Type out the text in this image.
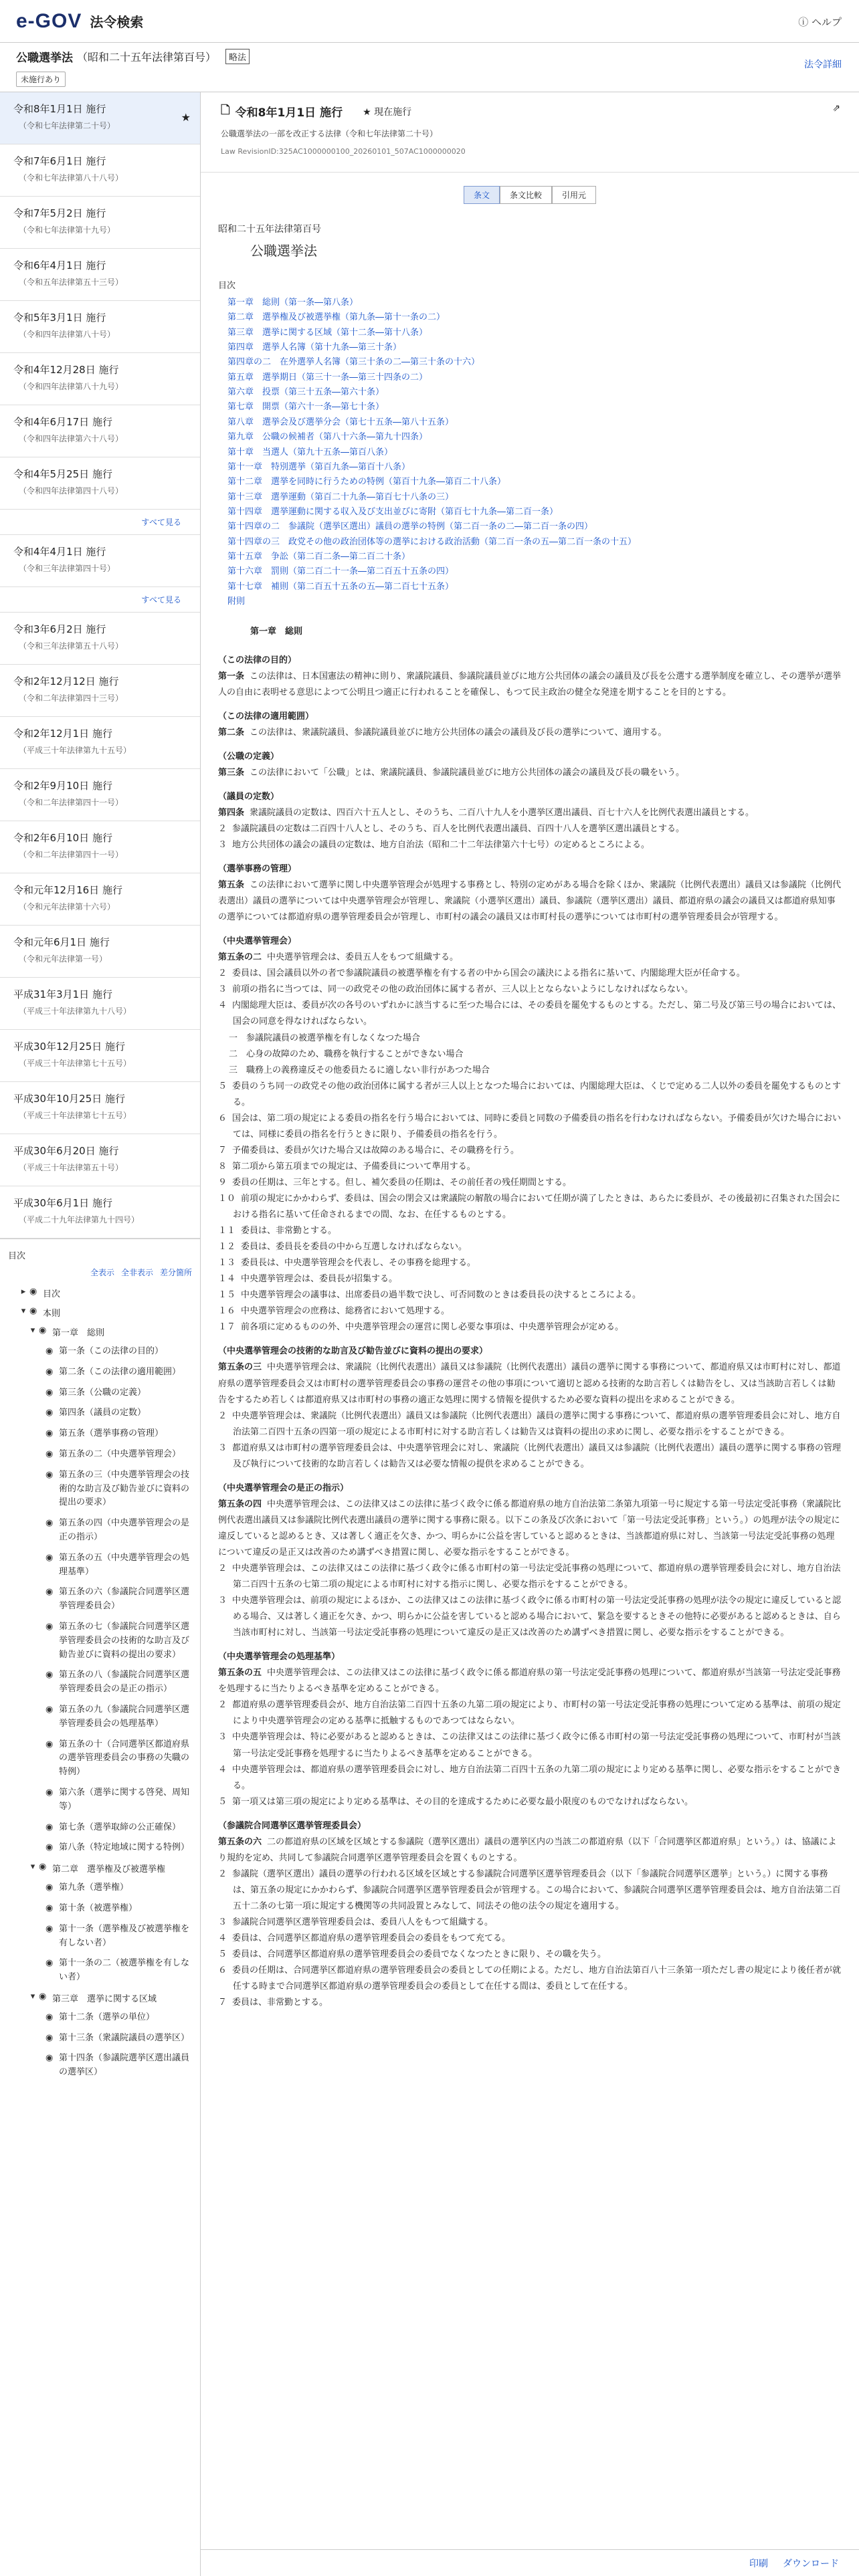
e-GOV 法令検索	ⓘ ヘルプ
公職選挙法 （昭和二十五年法律第百号）	略法
未施行あり
法令詳細
令和8年1月1日 施行
（令和七年法律第二十号）
★
令和7年6月1日 施行
（令和七年法律第八十八号）
令和7年5月2日 施行
（令和七年法律第十九号）
令和6年4月1日 施行
（令和五年法律第五十三号）
令和5年3月1日 施行
（令和四年法律第八十号）
令和4年12月28日 施行
（令和四年法律第八十九号）
令和4年6月17日 施行
（令和四年法律第六十八号）
令和4年5月25日 施行
（令和四年法律第四十八号）
すべて見る
令和4年4月1日 施行
（令和三年法律第四十号）
すべて見る
令和3年6月2日 施行
（令和三年法律第五十八号）
令和2年12月12日 施行
（令和二年法律第四十三号）
令和2年12月1日 施行
（平成三十年法律第九十五号）
令和2年9月10日 施行
（令和二年法律第四十一号）
令和2年6月10日 施行
（令和二年法律第四十一号）
令和元年12月16日 施行
（令和元年法律第十六号）
令和元年6月1日 施行
（令和元年法律第一号）
平成31年3月1日 施行
（平成三十年法律第九十八号）
平成30年12月25日 施行
（平成三十年法律第七十五号）
平成30年10月25日 施行
（平成三十年法律第七十五号）
平成30年6月20日 施行
（平成三十年法律第五十号）
平成30年6月1日 施行
（平成二十九年法律第九十四号）
目次
全表示 全非表示 差分箇所
▸ ◉ 目次
▾ ◉ 本則
▾ ◉ 第一章　総則
◉ 第一条（この法律の目的）
◉ 第二条（この法律の適用範囲）
◉ 第三条（公職の定義）
◉ 第四条（議員の定数）
◉ 第五条（選挙事務の管理）
◉ 第五条の二（中央選挙管理会）
◉ 第五条の三（中央選挙管理会の技術的な助言及び勧告並びに資料の提出の要求）
◉ 第五条の四（中央選挙管理会の是正の指示）
◉ 第五条の五（中央選挙管理会の処理基準）
◉ 第五条の六（参議院合同選挙区選挙管理委員会）
◉ 第五条の七（参議院合同選挙区選挙管理委員会の技術的な助言及び勧告並びに資料の提出の要求）
◉ 第五条の八（参議院合同選挙区選挙管理委員会の是正の指示）
◉ 第五条の九（参議院合同選挙区選挙管理委員会の処理基準）
◉ 第五条の十（合同選挙区都道府県の選挙管理委員会の事務の失職の特例）
◉ 第六条（選挙に関する啓発、周知等）
◉ 第七条（選挙取締の公正確保）
◉ 第八条（特定地域に関する特例）
▾ ◉ 第二章　選挙権及び被選挙権
◉ 第九条（選挙権）
◉ 第十条（被選挙権）
◉ 第十一条（選挙権及び被選挙権を有しない者）
◉ 第十一条の二（被選挙権を有しない者）
▾ ◉ 第三章　選挙に関する区域
◉ 第十二条（選挙の単位）
◉ 第十三条（衆議院議員の選挙区）
◉ 第十四条（参議院選挙区選出議員の選挙区）
🗋 令和8年1月1日 施行 ★ 現在施行
公職選挙法の一部を改正する法律（令和七年法律第二十号）
Law RevisionID:325AC1000000100_20260101_507AC1000000020
⇗
条文	条文比較	引用元
昭和二十五年法律第百号
公職選挙法
目次
第一章　総則（第一条―第八条）
第二章　選挙権及び被選挙権（第九条―第十一条の二）
第三章　選挙に関する区域（第十二条―第十八条）
第四章　選挙人名簿（第十九条―第三十条）
第四章の二　在外選挙人名簿（第三十条の二―第三十条の十六）
第五章　選挙期日（第三十一条―第三十四条の二）
第六章　投票（第三十五条―第六十条）
第七章　開票（第六十一条―第七十条）
第八章　選挙会及び選挙分会（第七十五条―第八十五条）
第九章　公職の候補者（第八十六条―第九十四条）
第十章　当選人（第九十五条―第百八条）
第十一章　特別選挙（第百九条―第百十八条）
第十二章　選挙を同時に行うための特例（第百十九条―第百二十八条）
第十三章　選挙運動（第百二十九条―第百七十八条の三）
第十四章　選挙運動に関する収入及び支出並びに寄附（第百七十九条―第二百一条）
第十四章の二　参議院（選挙区選出）議員の選挙の特例（第二百一条の二―第二百一条の四）
第十四章の三　政党その他の政治団体等の選挙における政治活動（第二百一条の五―第二百一条の十五）
第十五章　争訟（第二百二条―第二百二十条）
第十六章　罰則（第二百二十一条―第二百五十五条の四）
第十七章　補則（第二百五十五条の五―第二百七十五条）
附則
第一章　総則
（この法律の目的）
第一条 この法律は、日本国憲法の精神に則り、衆議院議員、参議院議員並びに地方公共団体の議会の議員及び長を公選する選挙制度を確立し、その選挙が選挙人の自由に表明せる意思によつて公明且つ適正に行われることを確保し、もつて民主政治の健全な発達を期することを目的とする。
（この法律の適用範囲）
第二条 この法律は、衆議院議員、参議院議員並びに地方公共団体の議会の議員及び長の選挙について、適用する。
（公職の定義）
第三条 この法律において「公職」とは、衆議院議員、参議院議員並びに地方公共団体の議会の議員及び長の職をいう。
（議員の定数）
第四条 衆議院議員の定数は、四百六十五人とし、そのうち、二百八十九人を小選挙区選出議員、百七十六人を比例代表選出議員とする。
２ 参議院議員の定数は二百四十八人とし、そのうち、百人を比例代表選出議員、百四十八人を選挙区選出議員とする。
３ 地方公共団体の議会の議員の定数は、地方自治法（昭和二十二年法律第六十七号）の定めるところによる。
（選挙事務の管理）
第五条 この法律において選挙に関し中央選挙管理会が処理する事務とし、特別の定めがある場合を除くほか、衆議院（比例代表選出）議員又は参議院（比例代表選出）議員の選挙については中央選挙管理会が管理し、衆議院（小選挙区選出）議員、参議院（選挙区選出）議員、都道府県の議会の議員又は都道府県知事の選挙については都道府県の選挙管理委員会が管理し、市町村の議会の議員又は市町村長の選挙については市町村の選挙管理委員会が管理する。
（中央選挙管理会）
第五条の二 中央選挙管理会は、委員五人をもつて組織する。
２ 委員は、国会議員以外の者で参議院議員の被選挙権を有する者の中から国会の議決による指名に基いて、内閣総理大臣が任命する。
３ 前項の指名に当つては、同一の政党その他の政治団体に属する者が、三人以上とならないようにしなければならない。
４ 内閣総理大臣は、委員が次の各号のいずれかに該当するに至つた場合には、その委員を罷免するものとする。ただし、第二号及び第三号の場合においては、国会の同意を得なければならない。
一　 参議院議員の被選挙権を有しなくなつた場合
二　 心身の故障のため、職務を執行することができない場合
三　 職務上の義務違反その他委員たるに適しない非行があつた場合
５ 委員のうち同一の政党その他の政治団体に属する者が三人以上となつた場合においては、内閣総理大臣は、くじで定める二人以外の委員を罷免するものとする。
６ 国会は、第二項の規定による委員の指名を行う場合においては、同時に委員と同数の予備委員の指名を行わなければならない。予備委員が欠けた場合においては、同様に委員の指名を行うときに限り、予備委員の指名を行う。
７ 予備委員は、委員が欠けた場合又は故障のある場合に、その職務を行う。
８ 第二項から第五項までの規定は、予備委員について準用する。
９ 委員の任期は、三年とする。但し、補欠委員の任期は、その前任者の残任期間とする。
１０ 前項の規定にかかわらず、委員は、国会の閉会又は衆議院の解散の場合において任期が満了したときは、あらたに委員が、その後最初に召集された国会における指名に基いて任命されるまでの間、なお、在任するものとする。
１１ 委員は、非常勤とする。
１２ 委員は、委員長を委員の中から互選しなければならない。
１３ 委員長は、中央選挙管理会を代表し、その事務を総理する。
１４ 中央選挙管理会は、委員長が招集する。
１５ 中央選挙管理会の議事は、出席委員の過半数で決し、可否同数のときは委員長の決するところによる。
１６ 中央選挙管理会の庶務は、総務省において処理する。
１７ 前各項に定めるものの外、中央選挙管理会の運営に関し必要な事項は、中央選挙管理会が定める。
（中央選挙管理会の技術的な助言及び勧告並びに資料の提出の要求）
第五条の三 中央選挙管理会は、衆議院（比例代表選出）議員又は参議院（比例代表選出）議員の選挙に関する事務について、都道府県又は市町村に対し、都道府県の選挙管理委員会又は市町村の選挙管理委員会の事務の運営その他の事項について適切と認める技術的な助言若しくは勧告をし、又は当該助言若しくは勧告をするため若しくは都道府県又は市町村の事務の適正な処理に関する情報を提供するため必要な資料の提出を求めることができる。
２ 中央選挙管理会は、衆議院（比例代表選出）議員又は参議院（比例代表選出）議員の選挙に関する事務について、都道府県の選挙管理委員会に対し、地方自治法第二百四十五条の四第一項の規定による市町村に対する助言若しくは勧告又は資料の提出の求めに関し、必要な指示をすることができる。
３ 都道府県又は市町村の選挙管理委員会は、中央選挙管理会に対し、衆議院（比例代表選出）議員又は参議院（比例代表選出）議員の選挙に関する事務の管理及び執行について技術的な助言若しくは勧告又は必要な情報の提供を求めることができる。
（中央選挙管理会の是正の指示）
第五条の四 中央選挙管理会は、この法律又はこの法律に基づく政令に係る都道府県の地方自治法第二条第九項第一号に規定する第一号法定受託事務（衆議院比例代表選出議員又は参議院比例代表選出議員の選挙に関する事務に限る。以下この条及び次条において「第一号法定受託事務」という。）の処理が法令の規定に違反していると認めるとき、又は著しく適正を欠き、かつ、明らかに公益を害していると認めるときは、当該都道府県に対し、当該第一号法定受託事務の処理について違反の是正又は改善のため講ずべき措置に関し、必要な指示をすることができる。
２ 中央選挙管理会は、この法律又はこの法律に基づく政令に係る市町村の第一号法定受託事務の処理について、都道府県の選挙管理委員会に対し、地方自治法第二百四十五条の七第二項の規定による市町村に対する指示に関し、必要な指示をすることができる。
３ 中央選挙管理会は、前項の規定によるほか、この法律又はこの法律に基づく政令に係る市町村の第一号法定受託事務の処理が法令の規定に違反していると認める場合、又は著しく適正を欠き、かつ、明らかに公益を害していると認める場合において、緊急を要するときその他特に必要があると認めるときは、自ら当該市町村に対し、当該第一号法定受託事務の処理について違反の是正又は改善のため講ずべき措置に関し、必要な指示をすることができる。
（中央選挙管理会の処理基準）
第五条の五 中央選挙管理会は、この法律又はこの法律に基づく政令に係る都道府県の第一号法定受託事務の処理について、都道府県が当該第一号法定受託事務を処理するに当たりよるべき基準を定めることができる。
２ 都道府県の選挙管理委員会が、地方自治法第二百四十五条の九第二項の規定により、市町村の第一号法定受託事務の処理について定める基準は、前項の規定により中央選挙管理会の定める基準に抵触するものであつてはならない。
３ 中央選挙管理会は、特に必要があると認めるときは、この法律又はこの法律に基づく政令に係る市町村の第一号法定受託事務の処理について、市町村が当該第一号法定受託事務を処理するに当たりよるべき基準を定めることができる。
４ 中央選挙管理会は、都道府県の選挙管理委員会に対し、地方自治法第二百四十五条の九第二項の規定により定める基準に関し、必要な指示をすることができる。
５ 第一項又は第三項の規定により定める基準は、その目的を達成するために必要な最小限度のものでなければならない。
（参議院合同選挙区選挙管理委員会）
第五条の六 二の都道府県の区域を区域とする参議院（選挙区選出）議員の選挙区内の当該二の都道府県（以下「合同選挙区都道府県」という。）は、協議により規約を定め、共同して参議院合同選挙区選挙管理委員会を置くものとする。
２ 参議院（選挙区選出）議員の選挙の行われる区域を区域とする参議院合同選挙区選挙管理委員会（以下「参議院合同選挙区選挙」という。）に関する事務は、第五条の規定にかかわらず、参議院合同選挙区選挙管理委員会が管理する。この場合において、参議院合同選挙区選挙管理委員会は、地方自治法第二百五十二条の七第一項に規定する機関等の共同設置とみなして、同法その他の法令の規定を適用する。
３ 参議院合同選挙区選挙管理委員会は、委員八人をもつて組織する。
４ 委員は、合同選挙区都道府県の選挙管理委員会の委員をもつて充てる。
５ 委員は、合同選挙区都道府県の選挙管理委員会の委員でなくなつたときに限り、その職を失う。
６ 委員の任期は、合同選挙区都道府県の選挙管理委員会の委員としての任期による。ただし、地方自治法第百八十三条第一項ただし書の規定により後任者が就任する時まで合同選挙区都道府県の選挙管理委員会の委員として在任する間は、委員として在任する。
７ 委員は、非常勤とする。
印刷 ダウンロード
